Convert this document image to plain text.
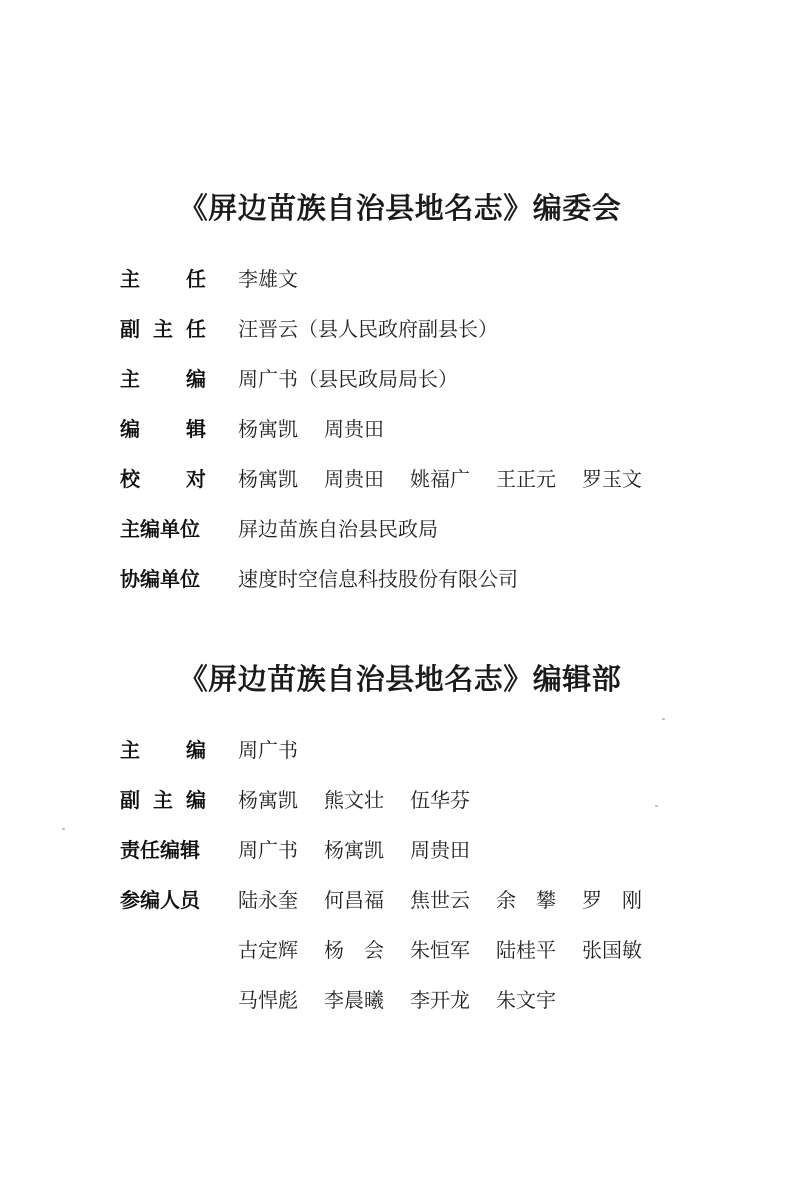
《屏边苗族自治县地名志》编委会
主 任 李雄文
副 主 任 汪晋云（县人民政府副县长）
主 编 周广书（县民政局局长）
编 辑 杨寓凯	周贵田
校 对 杨寓凯	周贵田	姚福广	王正元	罗玉文
主编单位 屏边苗族自治县民政局
协编单位 速度时空信息科技股份有限公司
《屏边苗族自治县地名志》编辑部
主 编 周广书
副 主 编 杨寓凯	熊文壮	伍华芬
责任编辑 周广书	杨寓凯	周贵田
参编人员 陆永奎	何昌福	焦世云	余　攀	罗　刚
古定辉	杨　会	朱恒军	陆桂平	张国敏
马悍彪	李晨曦	李开龙	朱文宇
